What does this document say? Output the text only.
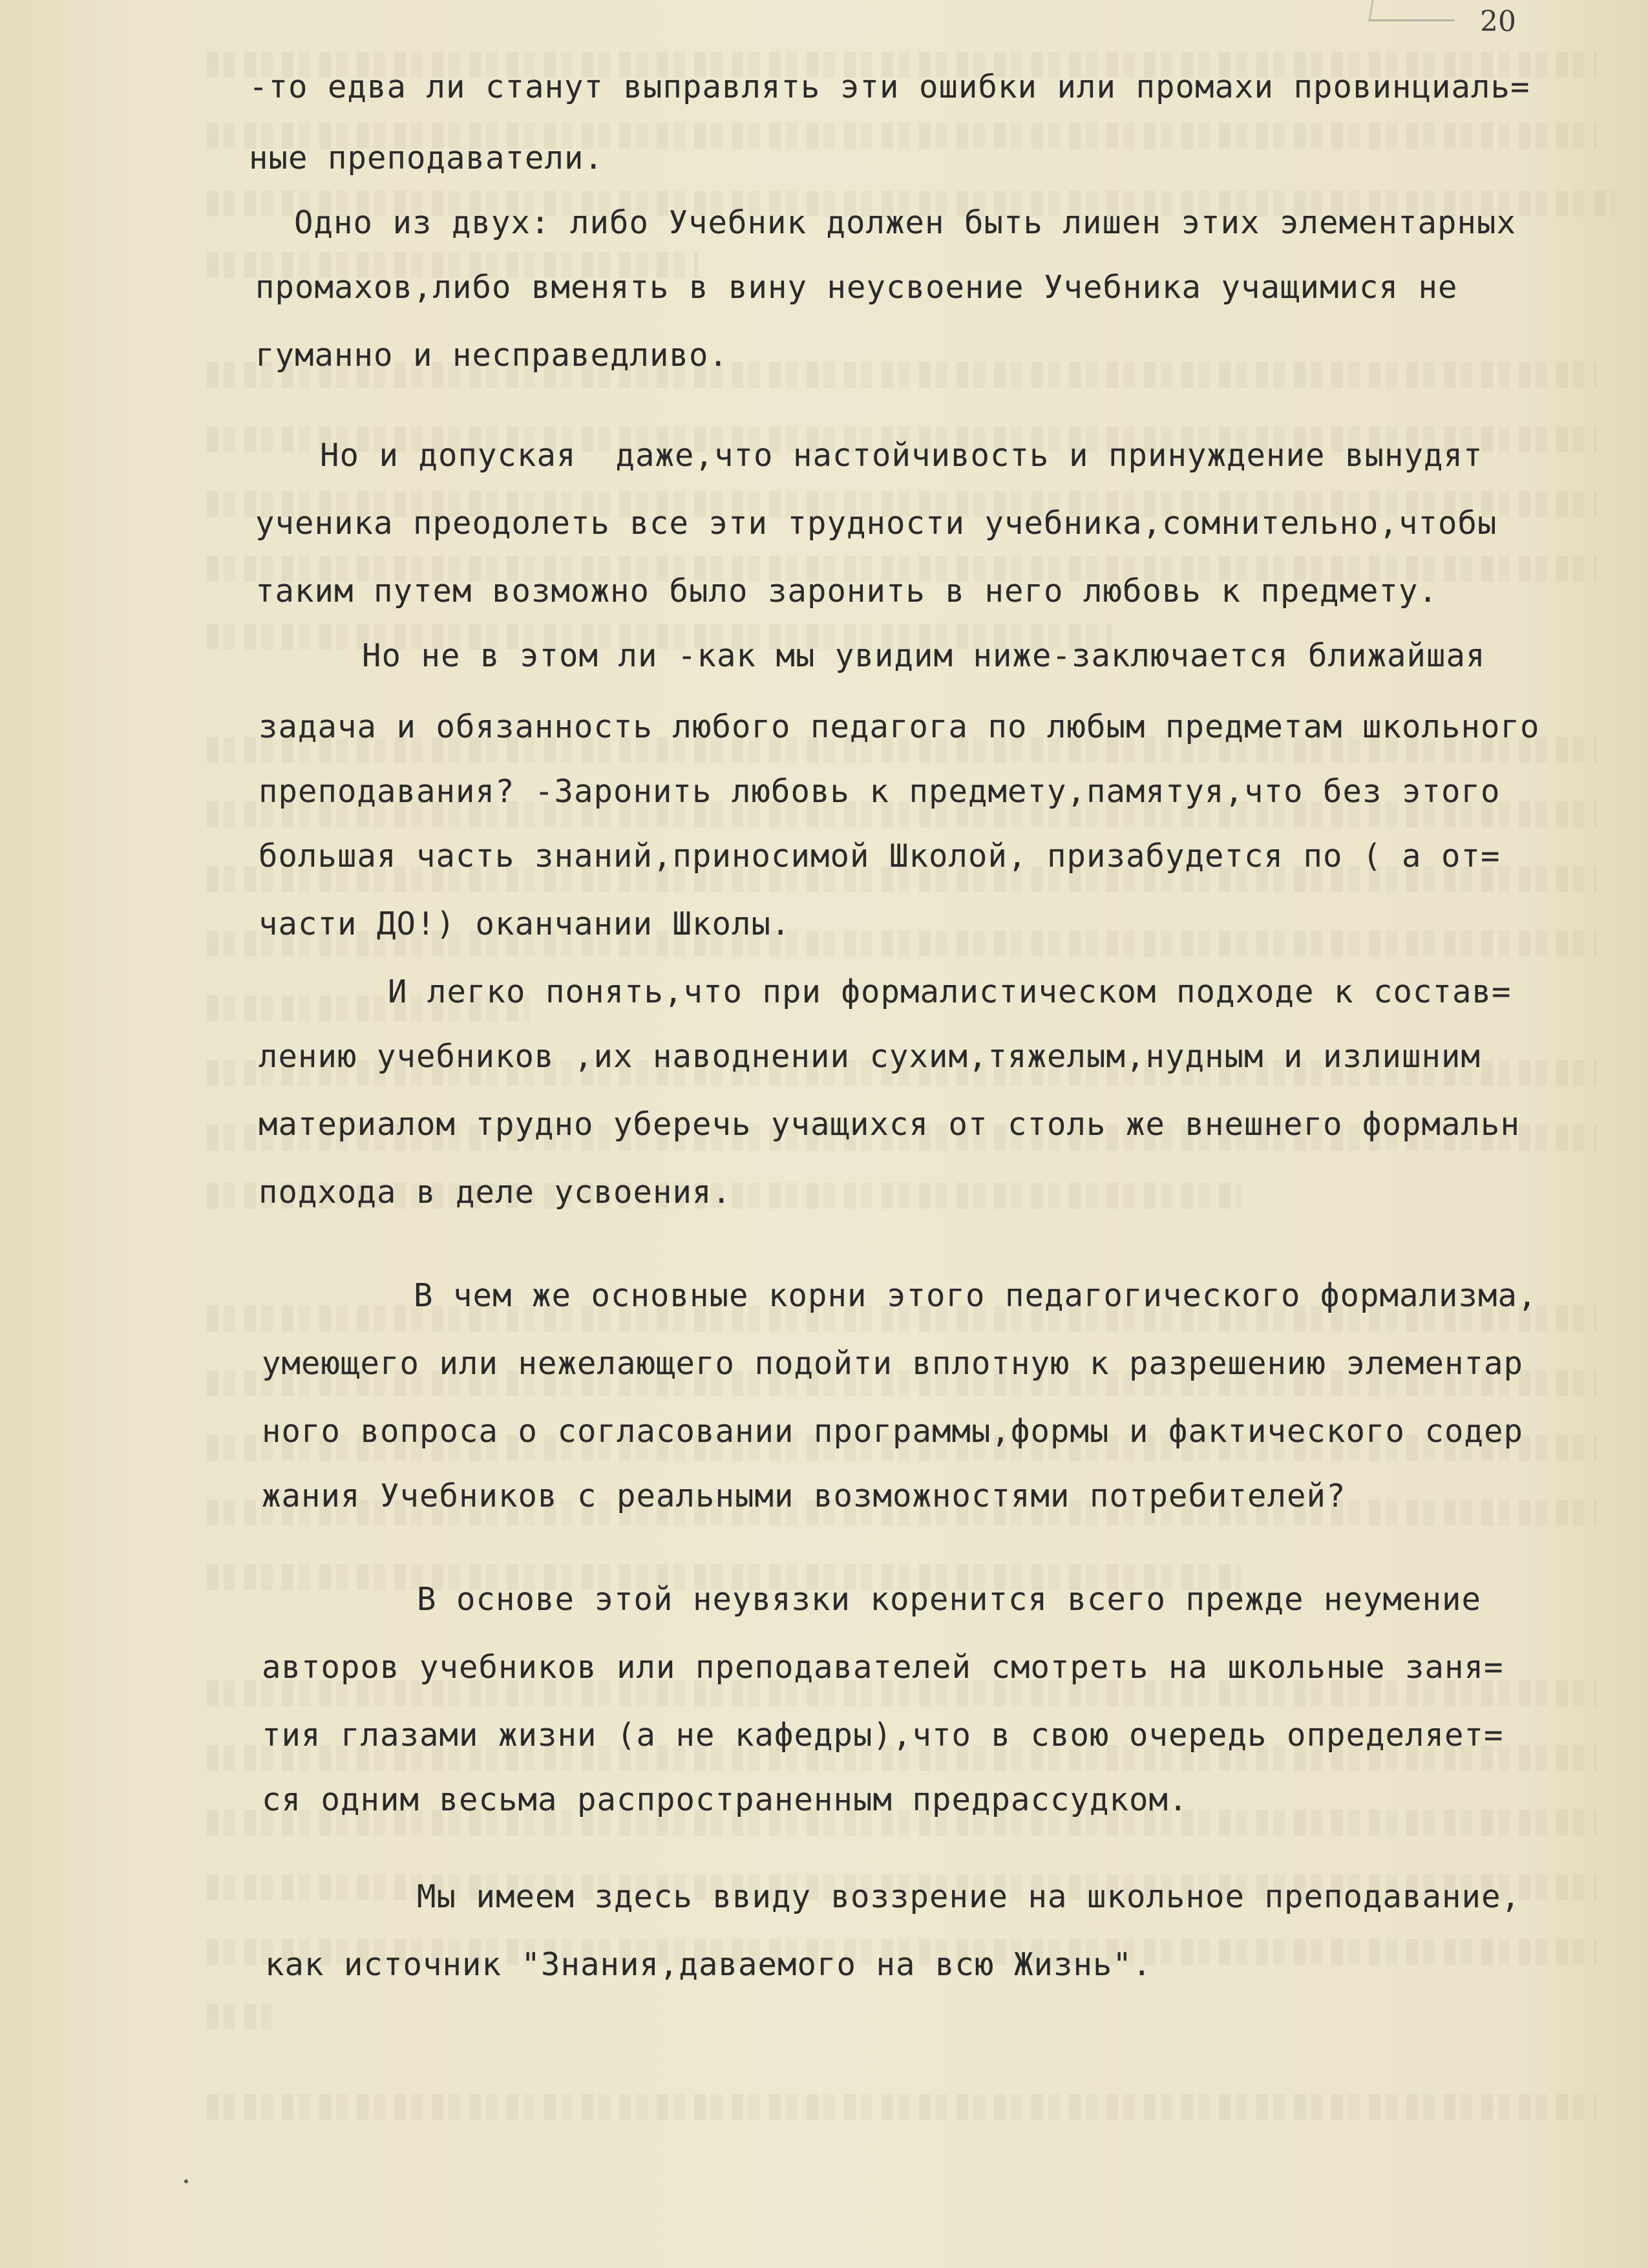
20
-то едва ли станут выправлять эти ошибки или промахи провинциаль=
ные преподаватели.
Одно из двух: либо Учебник должен быть лишен этих элементарных
промахов,либо вменять в вину неусвоение Учебника учащимися не
гуманно и несправедливо.
Но и допуская  даже,что настойчивость и принуждение вынудят
ученика преодолеть все эти трудности учебника,сомнительно,чтобы
таким путем возможно было заронить в него любовь к предмету.
Но не в этом ли -как мы увидим ниже-заключается ближайшая
задача и обязанность любого педагога по любым предметам школьного
преподавания? -Заронить любовь к предмету,памятуя,что без этого
большая часть знаний,приносимой Школой, призабудется по ( а от=
части ДО!) оканчании Школы.
И легко понять,что при формалистическом подходе к состав=
лению учебников ,их наводнении сухим,тяжелым,нудным и излишним
материалом трудно уберечь учащихся от столь же внешнего формальн
подхода в деле усвоения.
В чем же основные корни этого педагогического формализма,
умеющего или нежелающего подойти вплотную к разрешению элементар
ного вопроса о согласовании программы,формы и фактического содер
жания Учебников с реальными возможностями потребителей?
В основе этой неувязки коренится всего прежде неумение
авторов учебников или преподавателей смотреть на школьные заня=
тия глазами жизни (а не кафедры),что в свою очередь определяет=
ся одним весьма распространенным предрассудком.
Мы имеем здесь ввиду воззрение на школьное преподавание,
как источник "Знания,даваемого на всю Жизнь".
